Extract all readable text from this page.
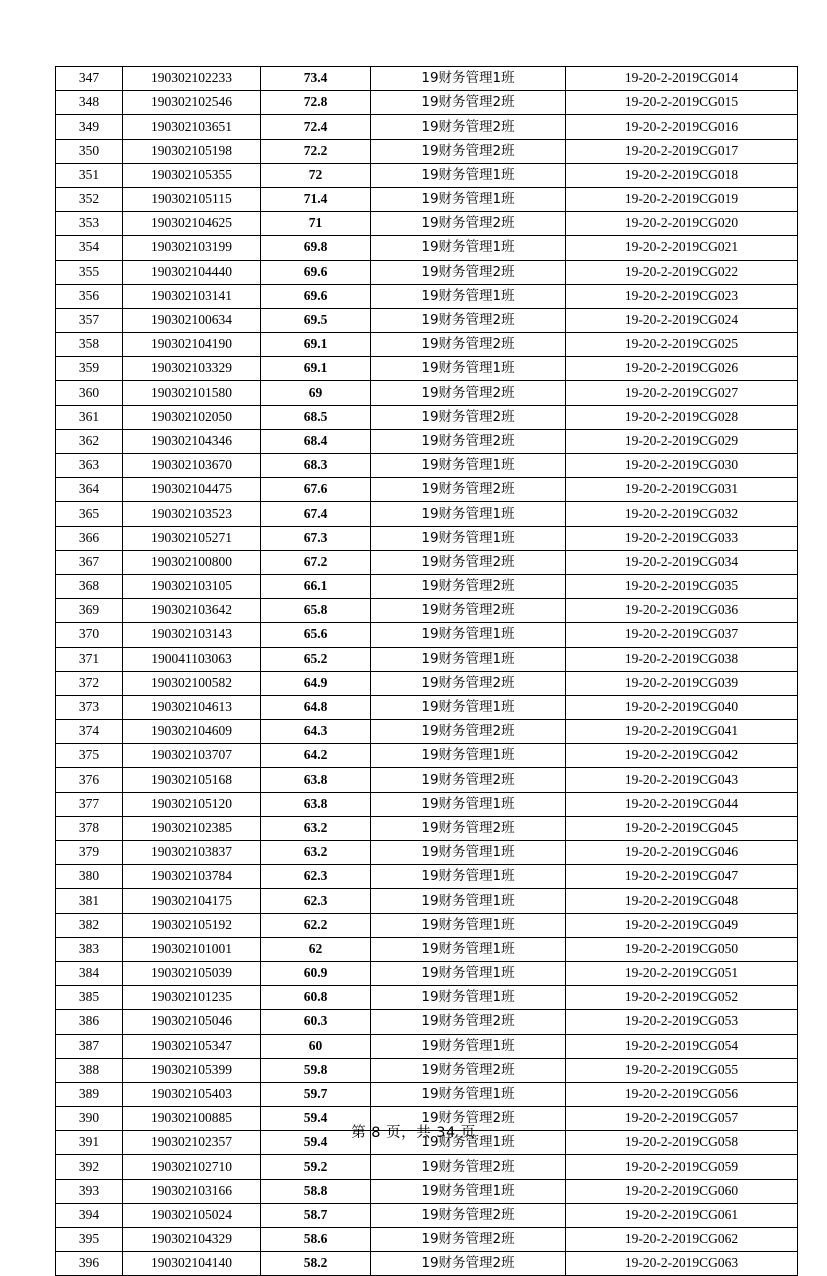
347	190302102233	73.4	19财务管理1班	19-20-2-2019CG014
348	190302102546	72.8	19财务管理2班	19-20-2-2019CG015
349	190302103651	72.4	19财务管理2班	19-20-2-2019CG016
350	190302105198	72.2	19财务管理2班	19-20-2-2019CG017
351	190302105355	72	19财务管理1班	19-20-2-2019CG018
352	190302105115	71.4	19财务管理1班	19-20-2-2019CG019
353	190302104625	71	19财务管理2班	19-20-2-2019CG020
354	190302103199	69.8	19财务管理1班	19-20-2-2019CG021
355	190302104440	69.6	19财务管理2班	19-20-2-2019CG022
356	190302103141	69.6	19财务管理1班	19-20-2-2019CG023
357	190302100634	69.5	19财务管理2班	19-20-2-2019CG024
358	190302104190	69.1	19财务管理2班	19-20-2-2019CG025
359	190302103329	69.1	19财务管理1班	19-20-2-2019CG026
360	190302101580	69	19财务管理2班	19-20-2-2019CG027
361	190302102050	68.5	19财务管理2班	19-20-2-2019CG028
362	190302104346	68.4	19财务管理2班	19-20-2-2019CG029
363	190302103670	68.3	19财务管理1班	19-20-2-2019CG030
364	190302104475	67.6	19财务管理2班	19-20-2-2019CG031
365	190302103523	67.4	19财务管理1班	19-20-2-2019CG032
366	190302105271	67.3	19财务管理1班	19-20-2-2019CG033
367	190302100800	67.2	19财务管理2班	19-20-2-2019CG034
368	190302103105	66.1	19财务管理2班	19-20-2-2019CG035
369	190302103642	65.8	19财务管理2班	19-20-2-2019CG036
370	190302103143	65.6	19财务管理1班	19-20-2-2019CG037
371	190041103063	65.2	19财务管理1班	19-20-2-2019CG038
372	190302100582	64.9	19财务管理2班	19-20-2-2019CG039
373	190302104613	64.8	19财务管理1班	19-20-2-2019CG040
374	190302104609	64.3	19财务管理2班	19-20-2-2019CG041
375	190302103707	64.2	19财务管理1班	19-20-2-2019CG042
376	190302105168	63.8	19财务管理2班	19-20-2-2019CG043
377	190302105120	63.8	19财务管理1班	19-20-2-2019CG044
378	190302102385	63.2	19财务管理2班	19-20-2-2019CG045
379	190302103837	63.2	19财务管理1班	19-20-2-2019CG046
380	190302103784	62.3	19财务管理1班	19-20-2-2019CG047
381	190302104175	62.3	19财务管理1班	19-20-2-2019CG048
382	190302105192	62.2	19财务管理1班	19-20-2-2019CG049
383	190302101001	62	19财务管理1班	19-20-2-2019CG050
384	190302105039	60.9	19财务管理1班	19-20-2-2019CG051
385	190302101235	60.8	19财务管理1班	19-20-2-2019CG052
386	190302105046	60.3	19财务管理2班	19-20-2-2019CG053
387	190302105347	60	19财务管理1班	19-20-2-2019CG054
388	190302105399	59.8	19财务管理2班	19-20-2-2019CG055
389	190302105403	59.7	19财务管理1班	19-20-2-2019CG056
390	190302100885	59.4	19财务管理2班	19-20-2-2019CG057
391	190302102357	59.4	19财务管理1班	19-20-2-2019CG058
392	190302102710	59.2	19财务管理2班	19-20-2-2019CG059
393	190302103166	58.8	19财务管理1班	19-20-2-2019CG060
394	190302105024	58.7	19财务管理2班	19-20-2-2019CG061
395	190302104329	58.6	19财务管理2班	19-20-2-2019CG062
396	190302104140	58.2	19财务管理2班	19-20-2-2019CG063
第 8 页，共 34 页
